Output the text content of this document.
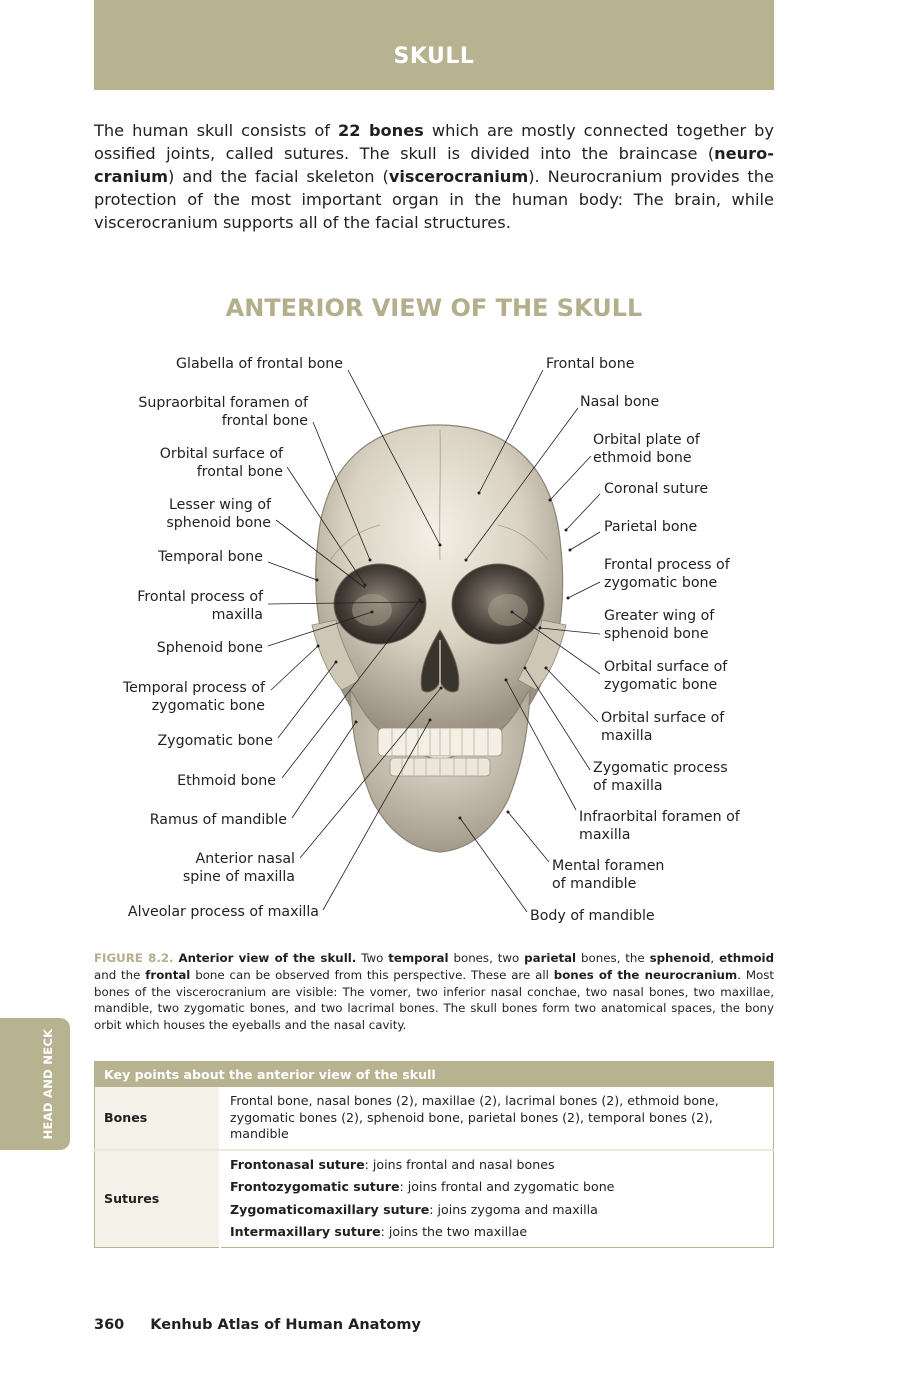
SKULL
The human skull consists of 22 bones which are mostly connected together by ossified joints, called sutures. The skull is divided into the braincase (neuro-cranium) and the facial skeleton (viscerocranium). Neurocranium provides the protection of the most important organ in the human body: The brain, while viscerocranium supports all of the facial structures.
ANTERIOR VIEW OF THE SKULL
Glabella of frontal bone
Supraorbital foramen of frontal bone
Orbital surface of frontal bone
Lesser wing of sphenoid bone
Temporal bone
Frontal process of maxilla
Sphenoid bone
Temporal process of zygomatic bone
Zygomatic bone
Ethmoid bone
Ramus of mandible
Anterior nasal spine of maxilla
Alveolar process of maxilla
Frontal bone
Nasal bone
Orbital plate of ethmoid bone
Coronal suture
Parietal bone
Frontal process of zygomatic bone
Greater wing of sphenoid bone
Orbital surface of zygomatic bone
Orbital surface of maxilla
Zygomatic process of maxilla
Infraorbital foramen of maxilla
Mental foramen of mandible
Body of mandible
FIGURE 8.2. Anterior view of the skull. Two temporal bones, two parietal bones, the sphenoid, ethmoid and the frontal bone can be observed from this perspective. These are all bones of the neurocranium. Most bones of the viscerocranium are visible: The vomer, two inferior nasal conchae, two nasal bones, two maxillae, mandible, two zygomatic bones, and two lacrimal bones. The skull bones form two anatomical spaces, the bony orbit which houses the eyeballs and the nasal cavity.
HEAD AND NECK	Key points about the anterior view of the skull	
Bones	Frontal bone, nasal bones (2), maxillae (2), lacrimal bones (2), ethmoid bone, zygomatic bones (2), sphenoid bone, parietal bones (2), temporal bones (2), mandible
Sutures	Frontonasal suture: joins frontal and nasal bones
Frontozygomatic suture: joins frontal and zygomatic bone
Zygomaticomaxillary suture: joins zygoma and maxilla
Intermaxillary suture: joins the two maxillae
360 Kenhub Atlas of Human Anatomy
